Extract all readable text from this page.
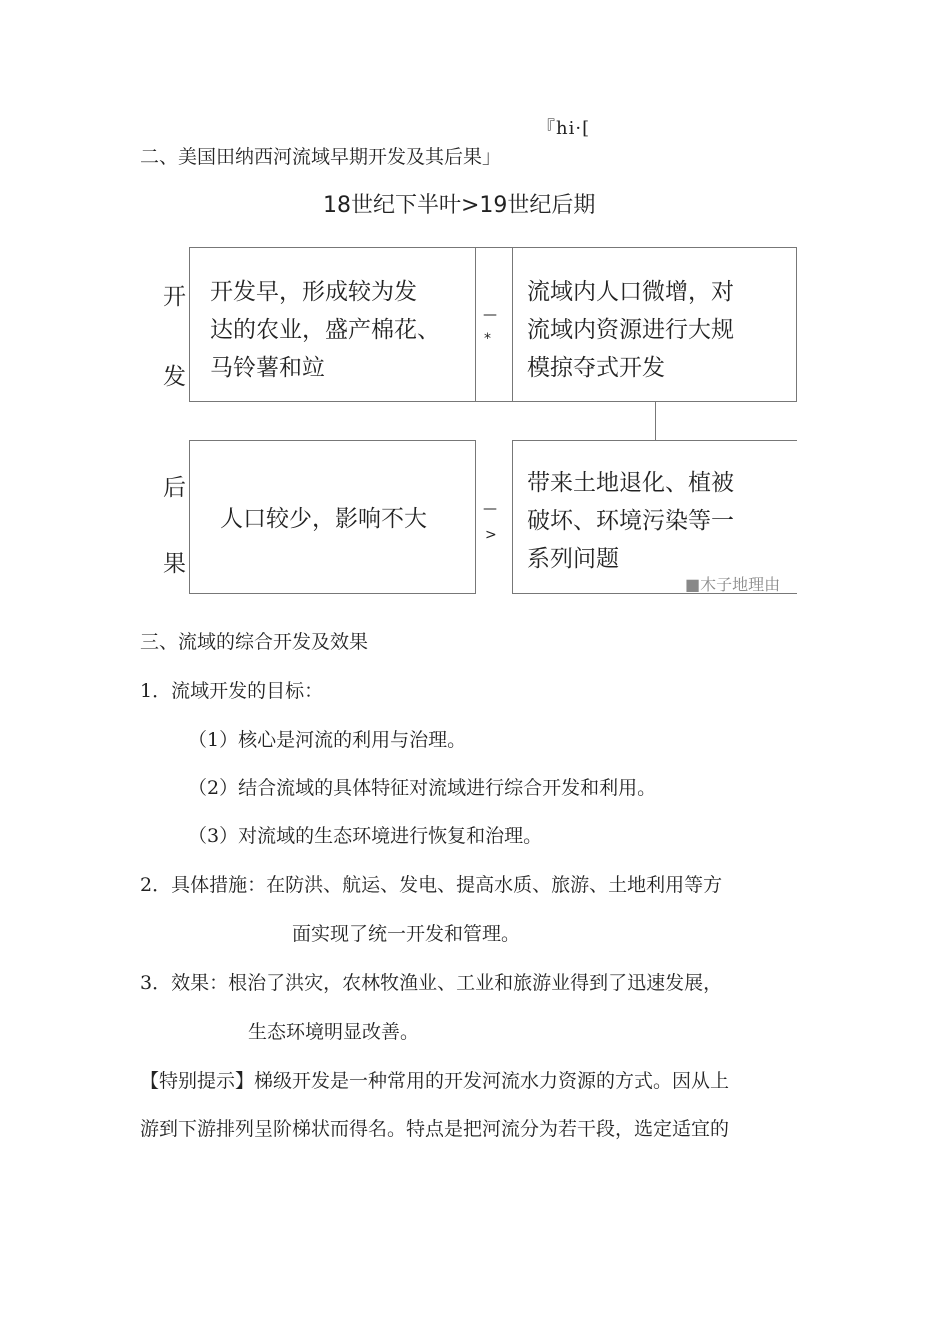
『hi·[
二、美国田纳西河流域早期开发及其后果」
18世纪下半叶>19世纪后期
开
发
后
果
开发早，形成较为发
达的农业，盛产棉花、
马铃薯和竝
—
*
流域内人口微增，对
流域内资源进行大规
模掠夺式开发
人口较少，影响不大	—
>
带来土地退化、植被
破坏、环境污染等一
系列问题
■木子地理由
三、流域的综合开发及效果
1．流域开发的目标：
（1）核心是河流的利用与治理。
（2）结合流域的具体特征对流域进行综合开发和利用。
（3）对流域的生态环境进行恢复和治理。
2．具体措施：在防洪、航运、发电、提高水质、旅游、土地利用等方
面实现了统一开发和管理。
3．效果：根治了洪灾，农林牧渔业、工业和旅游业得到了迅速发展，
生态环境明显改善。
【特别提示】梯级开发是一种常用的开发河流水力资源的方式。因从上
游到下游排列呈阶梯状而得名。特点是把河流分为若干段，选定适宜的
